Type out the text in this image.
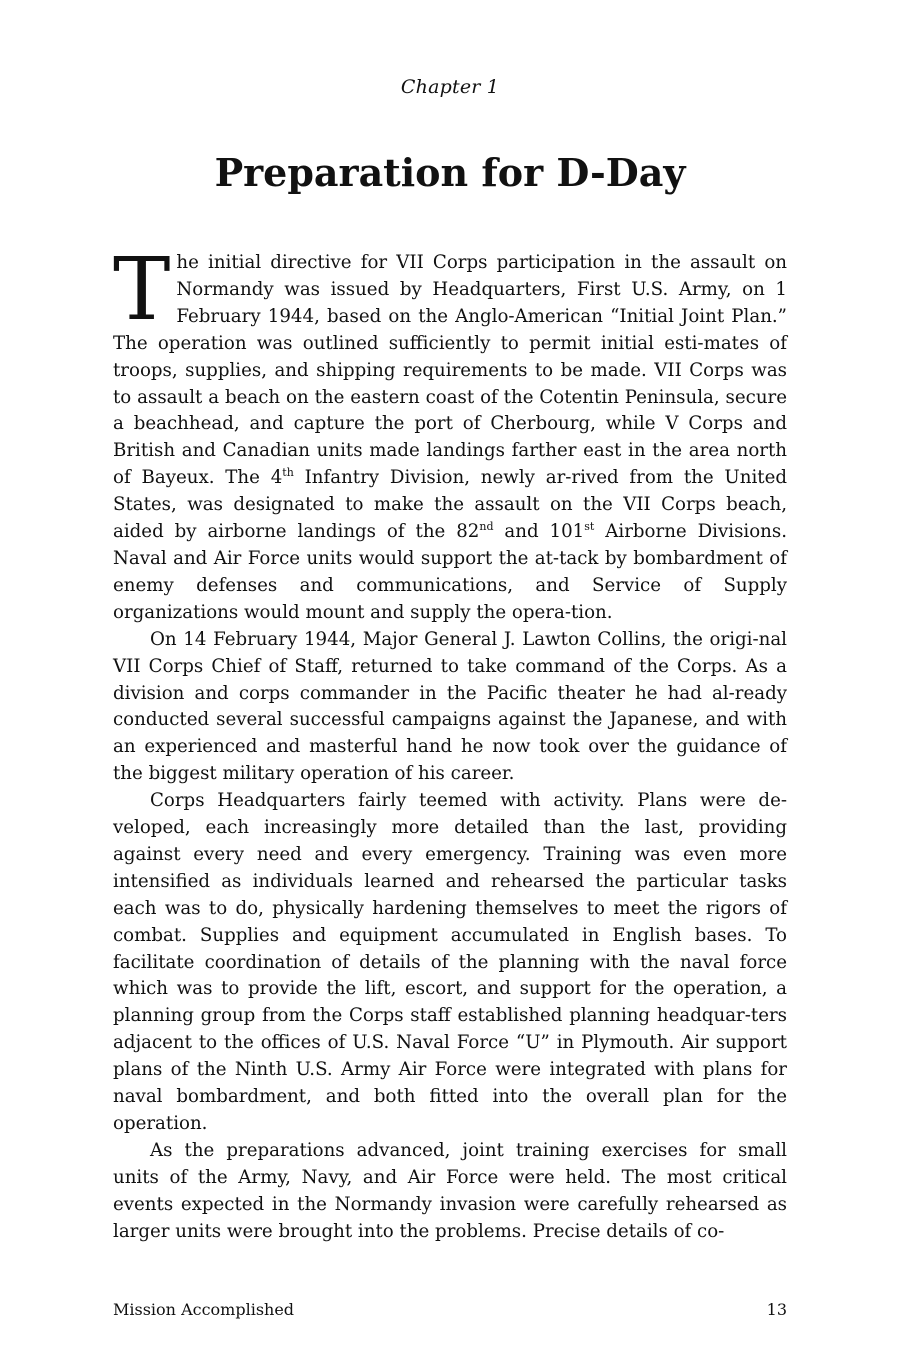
Chapter 1
Preparation for D-Day

The initial directive for VII Corps participation in the assault on Normandy was issued by Headquarters, First U.S. Army, on 1 February 1944, based on the Anglo-American “Initial Joint Plan.” The operation was outlined sufficiently to permit initial esti-mates of troops, supplies, and shipping requirements to be made. VII Corps was to assault a beach on the eastern coast of the Cotentin Peninsula, secure a beachhead, and capture the port of Cherbourg, while V Corps and British and Canadian units made landings farther east in the area north of Bayeux. The 4th Infantry Division, newly ar-rived from the United States, was designated to make the assault on the VII Corps beach, aided by airborne landings of the 82nd and 101st Airborne Divisions. Naval and Air Force units would support the at-tack by bombardment of enemy defenses and communications, and Service of Supply organizations would mount and supply the opera-tion.

On 14 February 1944, Major General J. Lawton Collins, the origi-nal VII Corps Chief of Staff, returned to take command of the Corps. As a division and corps commander in the Pacific theater he had al-ready conducted several successful campaigns against the Japanese, and with an experienced and masterful hand he now took over the guidance of the biggest military operation of his career.

Corps Headquarters fairly teemed with activity. Plans were de-veloped, each increasingly more detailed than the last, providing against every need and every emergency. Training was even more intensified as individuals learned and rehearsed the particular tasks each was to do, physically hardening themselves to meet the rigors of combat. Supplies and equipment accumulated in English bases. To facilitate coordination of details of the planning with the naval force which was to provide the lift, escort, and support for the operation, a planning group from the Corps staff established planning headquar-ters adjacent to the offices of U.S. Naval Force “U” in Plymouth. Air support plans of the Ninth U.S. Army Air Force were integrated with plans for naval bombardment, and both fitted into the overall plan for the operation.

As the preparations advanced, joint training exercises for small units of the Army, Navy, and Air Force were held. The most critical events expected in the Normandy invasion were carefully rehearsed as larger units were brought into the problems. Precise details of co-

Mission Accomplished	13
